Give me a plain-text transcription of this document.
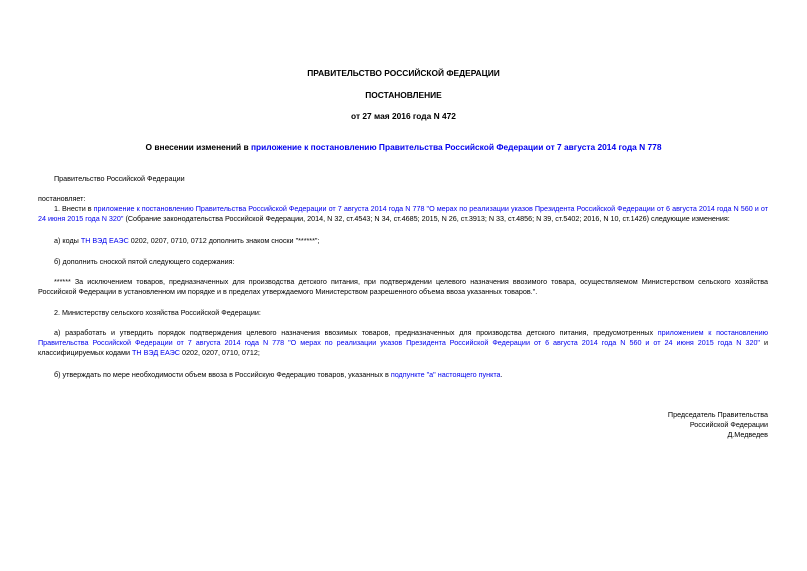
ПРАВИТЕЛЬСТВО РОССИЙСКОЙ ФЕДЕРАЦИИ
ПОСТАНОВЛЕНИЕ
от 27 мая 2016 года N 472
О внесении изменений в приложение к постановлению Правительства Российской Федерации от 7 августа 2014 года N 778
Правительство Российской Федерации
постановляет:
1. Внести в приложение к постановлению Правительства Российской Федерации от 7 августа 2014 года N 778 "О мерах по реализации указов Президента Российской Федерации от 6 августа 2014 года N 560 и от 24 июня 2015 года N 320" (Собрание законодательства Российской Федерации, 2014, N 32, ст.4543; N 34, ст.4685; 2015, N 26, ст.3913; N 33, ст.4856; N 39, ст.5402; 2016, N 10, ст.1426) следующие изменения:
а) коды ТН ВЭД ЕАЭС 0202, 0207, 0710, 0712 дополнить знаком сноски "******";
б) дополнить сноской пятой следующего содержания:
****** За исключением товаров, предназначенных для производства детского питания, при подтверждении целевого назначения ввозимого товара, осуществляемом Министерством сельского хозяйства Российской Федерации в установленном им порядке и в пределах утверждаемого Министерством разрешенного объема ввоза указанных товаров.".
2. Министерству сельского хозяйства Российской Федерации:
а) разработать и утвердить порядок подтверждения целевого назначения ввозимых товаров, предназначенных для производства детского питания, предусмотренных приложением к постановлению Правительства Российской Федерации от 7 августа 2014 года N 778 "О мерах по реализации указов Президента Российской Федерации от 6 августа 2014 года N 560 и от 24 июня 2015 года N 320" и классифицируемых кодами ТН ВЭД ЕАЭС 0202, 0207, 0710, 0712;
б) утверждать по мере необходимости объем ввоза в Российскую Федерацию товаров, указанных в подпункте "а" настоящего пункта.
Председатель Правительства
Российской Федерации
Д.Медведев
